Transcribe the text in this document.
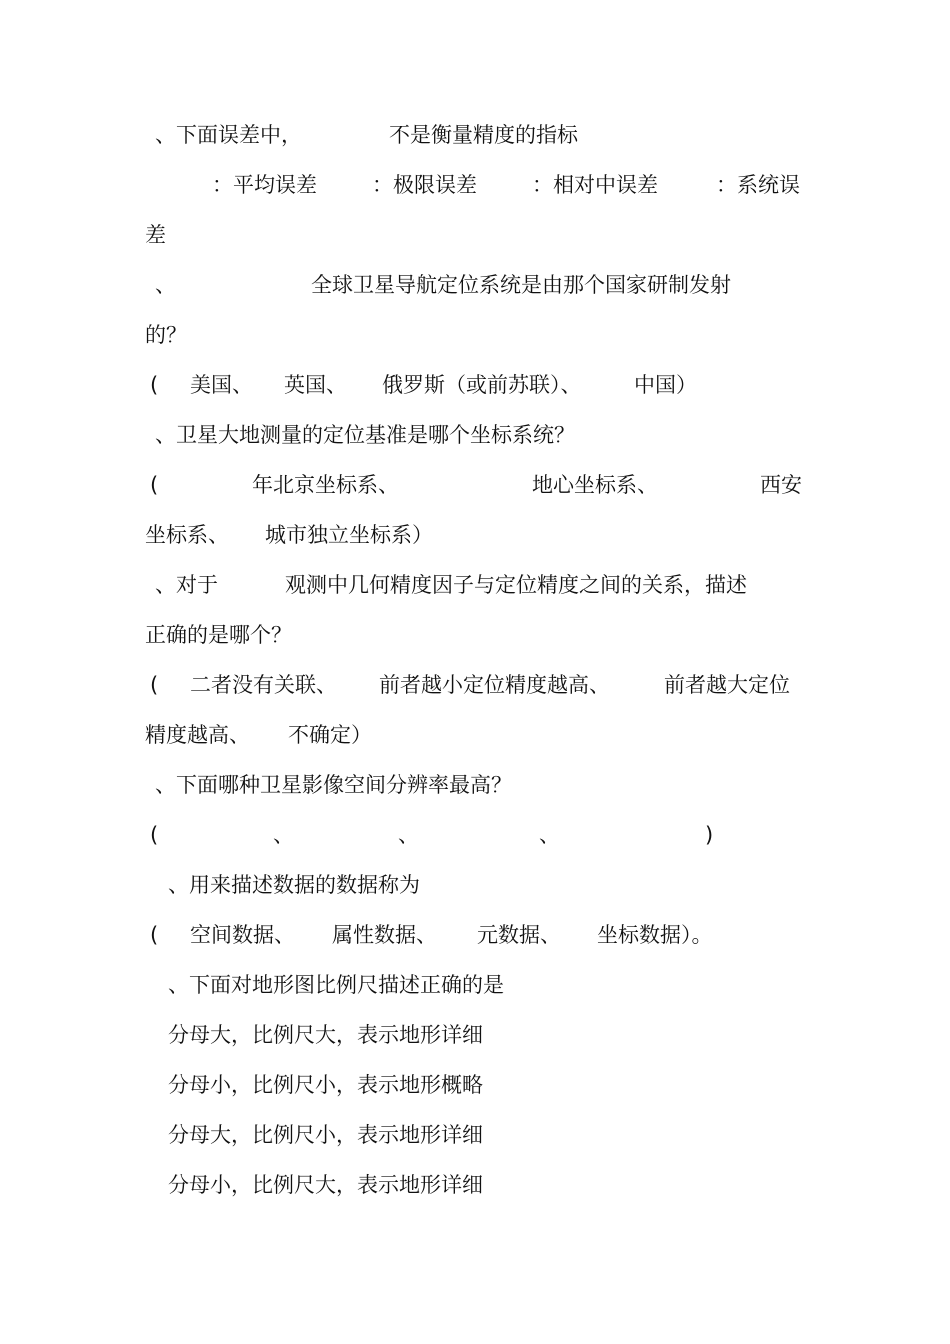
、下面误差中，

	不是衡量精度的指标

：平均误差

	：极限误差

	：相对中误差

	：系统误

差

、

	全球卫星导航定位系统是由那个国家研制发射

的？

(

美国、

英国、

俄罗斯（或前苏联）、

	中国）

、卫星大地测量的定位基准是哪个坐标系统？

(

	年北京坐标系、

	地心坐标系、

	西安

坐标系、

城市独立坐标系）

、对于

	观测中几何精度因子与定位精度之间的关系，描述

正确的是哪个？

(

二者没有关联、

前者越小定位精度越高、

	前者越大定位

精度越高、

不确定）

、下面哪种卫星影像空间分辨率最高？

(

	、

	、

	、

	)

、用来描述数据的数据称为

(

空间数据、

属性数据、

元数据、

坐标数据）。

、下面对地形图比例尺描述正确的是

分母大，比例尺大，表示地形详细

分母小，比例尺小，表示地形概略

分母大，比例尺小，表示地形详细

分母小，比例尺大，表示地形详细
